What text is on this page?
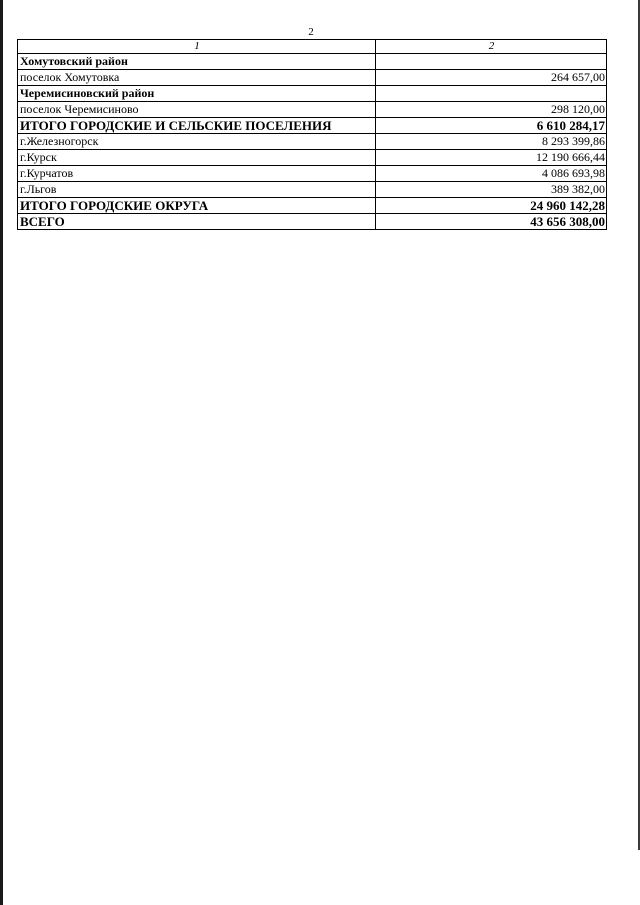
2
1	2
Хомутовский район	
поселок Хомутовка	264 657,00
Черемисиновский район	
поселок Черемисиново	298 120,00
ИТОГО ГОРОДСКИЕ И СЕЛЬСКИЕ ПОСЕЛЕНИЯ	6 610 284,17
г.Железногорск	8 293 399,86
г.Курск	12 190 666,44
г.Курчатов	4 086 693,98
г.Льгов	389 382,00
ИТОГО ГОРОДСКИЕ ОКРУГА	24 960 142,28
ВСЕГО	43 656 308,00
